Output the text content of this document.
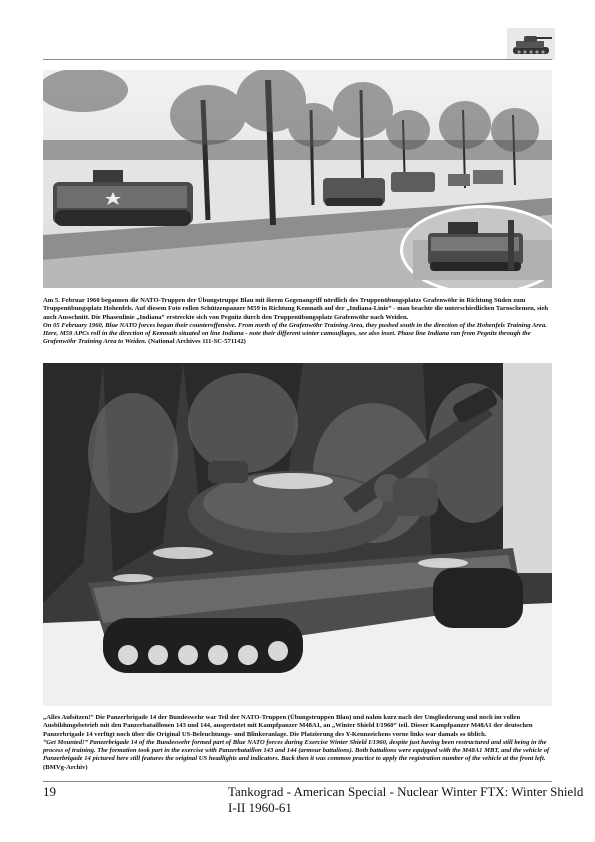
Am 5. Februar 1960 begannen die NATO-Truppen der Übungstruppe Blau mit ihrem Gegenangriff nördlich des Truppenübungsplatzs Grafenwöhr in Richtung Süden zum Truppenübungsplatz Hohenfels. Auf diesem Foto rollen Schützenpanzer M59 in Richtung Kemnath auf der „Indiana-Linie“ - man beachte die unterschiedlichen Tarnschemen, sieh auch Ausschnitt. Die Phasenlinie „Indiana“ erstreckte sich von Pegnitz durch den Truppenübungsplatz Grafenwöhr nach Weiden.

On 05 February 1960, Blue NATO forces began their counteroffensive. From north of the Grafenwöhr Training Area, they pushed south in the direction of the Hohenfels Training Area. Here, M59 APCs roll in the direction of Kemnath situated on line Indiana - note their different winter camouflages, see also inset. Phase line Indiana ran from Pegnitz through the Grafenwöhr Training Area to Weiden. (National Archives 111-SC-571142)

„Alles Aufsitzen!“ Die Panzerbrigade 14 der Bundeswehr war Teil der NATO-Truppen (Übungstruppen Blau) und nahm kurz nach der Umgliederung und noch im vollen Ausbildungsbetrieb mit den Panzerbataillonen 143 und 144, ausgerüstet mit Kampfpanzer M48A1, an „Winter Shield I/1960“ teil. Dieser Kampfpanzer M48A1 der deutschen Panzerbrigade 14 verfügt noch über die Original US-Beleuchtungs- und Blinkeranlage. Die Platzierung des Y-Kennzeichens vorne links war damals so üblich.

“Get Mounted!” Panzerbrigade 14 of the Bundeswehr formed part of Blue NATO forces during Exercise Winter Shield I/1960, despite just having been restructured and still being in the process of training. The formation took part in the exercise with Panzerbataillon 143 and 144 (armour battalions). Both battalions were equipped with the M48A1 MBT, and the vehicle of Panzerbrigade 14 pictured here still features the original US headlights and indicators. Back then it was common practice to apply the registration number of the vehicle at the front left. (BMVg-Archiv)

19	Tankograd - American Special - Nuclear Winter FTX: Winter Shield I-II 1960-61
